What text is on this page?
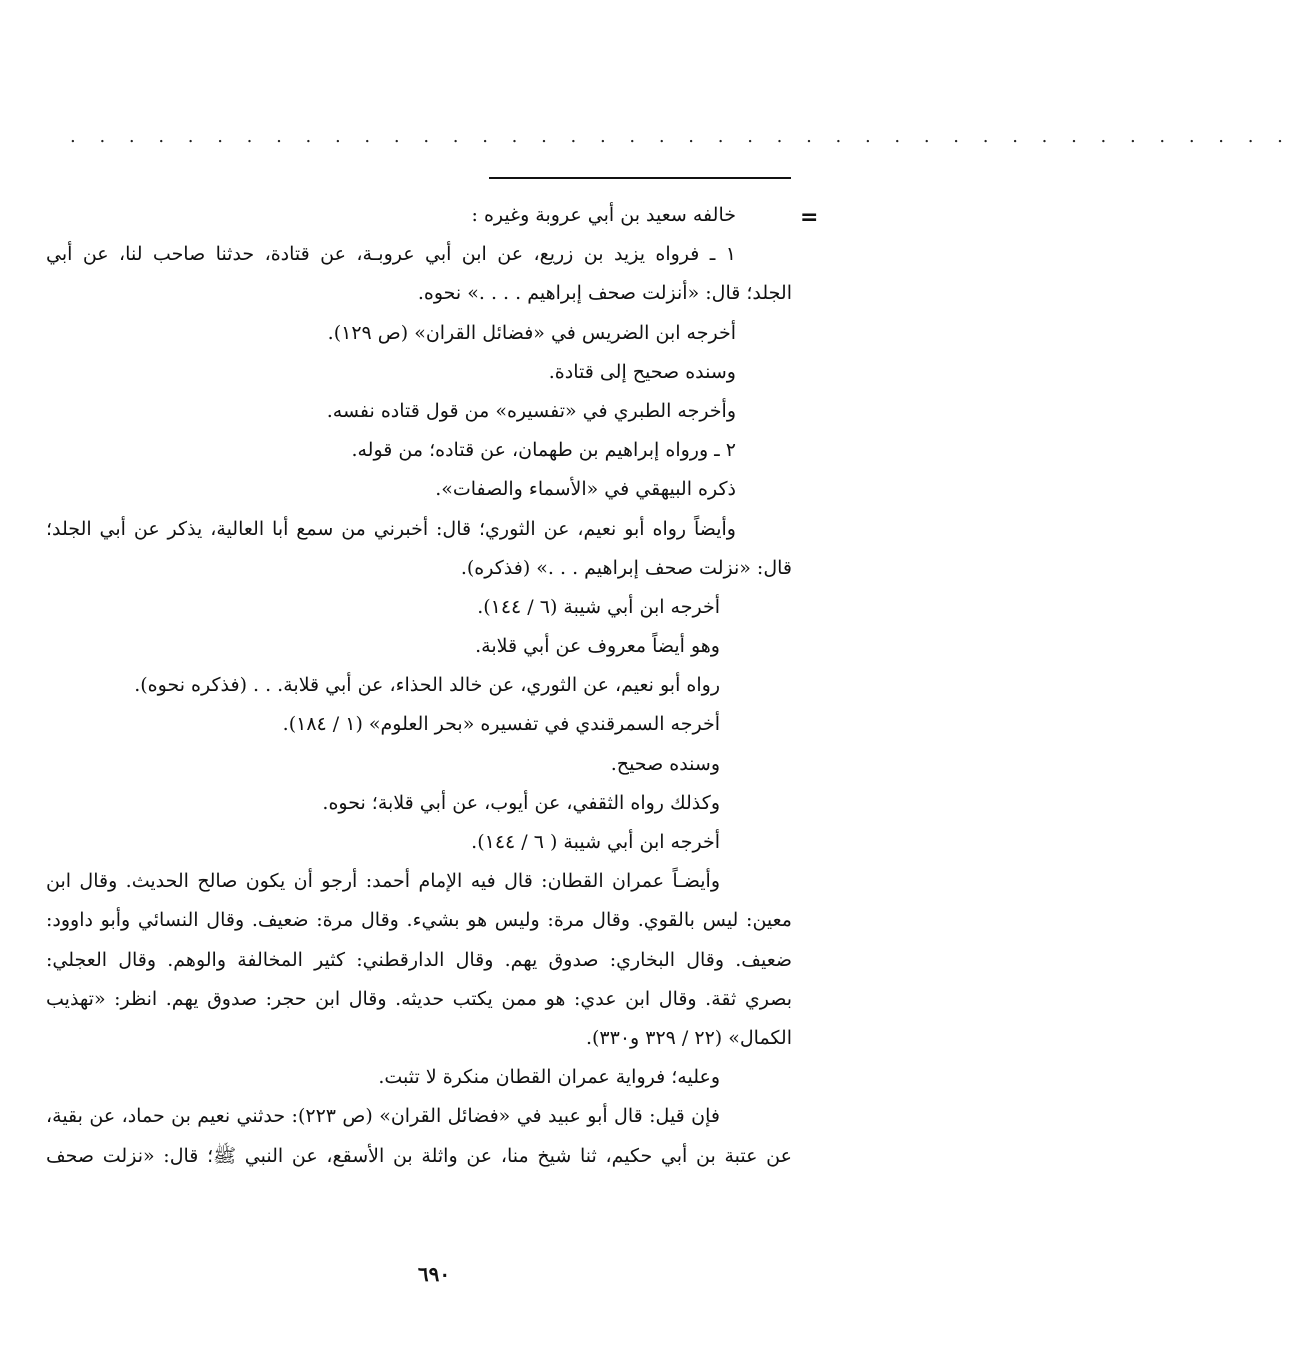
. . . . . . . . . . . . . . . . . . . . . . . . . . . . . . . . . . . . . . . . . .
=
خالفه سعيد بن أبي عروبة وغيره :
١ ـ فرواه يزيد بن زريع، عن ابن أبي عروبـة، عن قتادة، حدثنا صاحب لنا، عن أبي
الجلد؛ قال: «أنزلت صحف إبراهيم . . . .» نحوه.
أخرجه ابن الضريس في «فضائل القران» (ص ١٢٩).
وسنده صحيح إلى قتادة.
وأخرجه الطبري في «تفسيره» من قول قتاده نفسه.
٢ ـ ورواه إبراهيم بن طهمان، عن قتاده؛ من قوله.
ذكره البيهقي في «الأسماء والصفات».
وأيضاً رواه أبو نعيم، عن الثوري؛ قال: أخبرني من سمع أبا العالية، يذكر عن أبي الجلد؛
قال: «نزلت صحف إبراهيم . . .» (فذكره).
أخرجه ابن أبي شيبة (٦ / ١٤٤).
وهو أيضاً معروف عن أبي قلابة.
رواه أبو نعيم، عن الثوري، عن خالد الحذاء، عن أبي قلابة. . . (فذكره نحوه).
أخرجه السمرقندي في تفسيره «بحر العلوم» (١ / ١٨٤).
وسنده صحيح.
وكذلك رواه الثقفي، عن أيوب، عن أبي قلابة؛ نحوه.
أخرجه ابن أبي شيبة ( ٦ / ١٤٤).
وأيضـاً عمران القطان: قال فيه الإمام أحمد: أرجو أن يكون صالح الحديث. وقال ابن
معين: ليس بالقوي. وقال مرة: وليس هو بشيء. وقال مرة: ضعيف. وقال النسائي وأبو داوود:
ضعيف. وقال البخاري: صدوق يهم. وقال الدارقطني: كثير المخالفة والوهم. وقال العجلي:
بصري ثقة. وقال ابن عدي: هو ممن يكتب حديثه. وقال ابن حجر: صدوق يهم. انظر: «تهذيب
الكمال» (٢٢ / ٣٢٩ و٣٣٠).
وعليه؛ فرواية عمران القطان منكرة لا تثبت.
فإن قيل: قال أبو عبيد في «فضائل القران» (ص ٢٢٣): حدثني نعيم بن حماد، عن بقية،
عن عتبة بن أبي حكيم، ثنا شيخ منا، عن واثلة بن الأسقع، عن النبي ﷺ؛ قال: «نزلت صحف
٦٩٠
